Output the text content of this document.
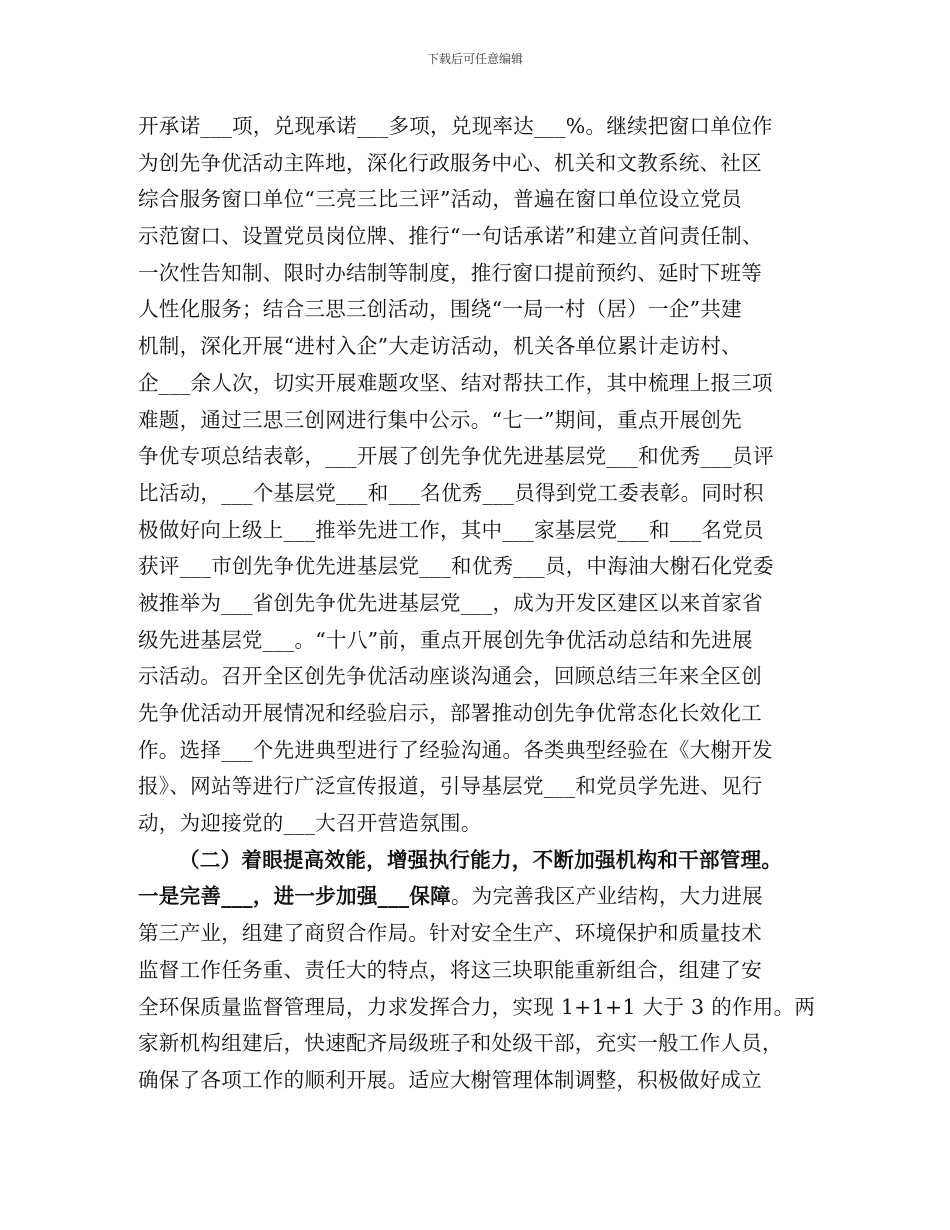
下载后可任意编辑
开承诺___项，兑现承诺___多项，兑现率达___%。继续把窗口单位作
为创先争优活动主阵地，深化行政服务中心、机关和文教系统、社区
综合服务窗口单位“三亮三比三评”活动，普遍在窗口单位设立党员
示范窗口、设置党员岗位牌、推行“一句话承诺”和建立首问责任制、
一次性告知制、限时办结制等制度，推行窗口提前预约、延时下班等
人性化服务；结合三思三创活动，围绕“一局一村（居）一企”共建
机制，深化开展“进村入企”大走访活动，机关各单位累计走访村、
企___余人次，切实开展难题攻坚、结对帮扶工作，其中梳理上报三项
难题，通过三思三创网进行集中公示。“七一”期间，重点开展创先
争优专项总结表彰，___开展了创先争优先进基层党___和优秀___员评
比活动，___个基层党___和___名优秀___员得到党工委表彰。同时积
极做好向上级上___推举先进工作，其中___家基层党___和___名党员
获评___市创先争优先进基层党___和优秀___员，中海油大榭石化党委
被推举为___省创先争优先进基层党___，成为开发区建区以来首家省
级先进基层党___。“十八”前，重点开展创先争优活动总结和先进展
示活动。召开全区创先争优活动座谈沟通会，回顾总结三年来全区创
先争优活动开展情况和经验启示，部署推动创先争优常态化长效化工
作。选择___个先进典型进行了经验沟通。各类典型经验在《大榭开发
报》、网站等进行广泛宣传报道，引导基层党___和党员学先进、见行
动，为迎接党的___大召开营造氛围。
（二）着眼提高效能，增强执行能力，不断加强机构和干部管理。
一是完善___，进一步加强___保障。为完善我区产业结构，大力进展
第三产业，组建了商贸合作局。针对安全生产、环境保护和质量技术
监督工作任务重、责任大的特点，将这三块职能重新组合，组建了安
全环保质量监督管理局，力求发挥合力，实现 1+1+1 大于 3 的作用。两
家新机构组建后，快速配齐局级班子和处级干部，充实一般工作人员，
确保了各项工作的顺利开展。适应大榭管理体制调整，积极做好成立
